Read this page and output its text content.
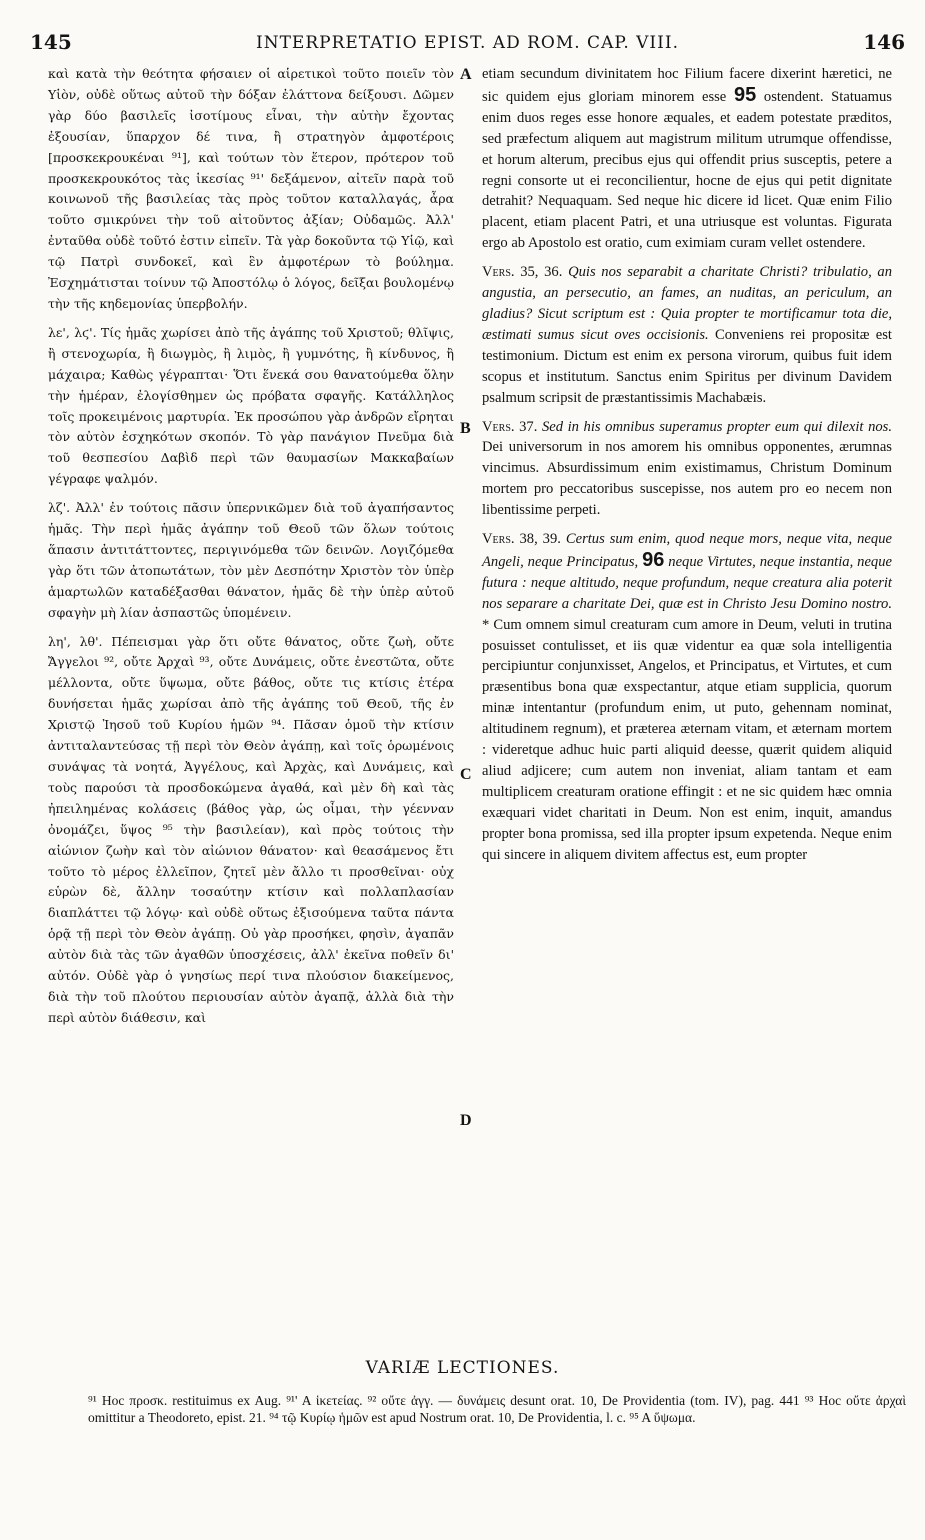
145	INTERPRETATIO EPIST. AD ROM. CAP. VIII.	146

καὶ κατὰ τὴν θεότητα φήσαιεν οἱ αἱρετικοὶ τοῦτο ποιεῖν τὸν Υἱὸν, οὐδὲ οὕτως αὐτοῦ τὴν δόξαν ἐλάττονα δείξουσι. Δῶμεν γὰρ δύο βασιλεῖς ἰσοτίμους εἶναι, τὴν αὐτὴν ἔχοντας ἐξουσίαν, ὕπαρχον δέ τινα, ἢ στρατηγὸν ἀμφοτέροις [προσκεκρουκέναι ⁹¹], καὶ τούτων τὸν ἕτερον, πρότερον τοῦ προσκεκρουκότος τὰς ἱκεσίας ⁹¹' δεξάμενον, αἰτεῖν παρὰ τοῦ κοινωνοῦ τῆς βασιλείας τὰς πρὸς τοῦτον καταλλαγάς, ἆρα τοῦτο σμικρύνει τὴν τοῦ αἰτοῦντος ἀξίαν; Οὐδαμῶς. Ἀλλ' ἐνταῦθα οὐδὲ τοῦτό ἐστιν εἰπεῖν. Τὰ γὰρ δοκοῦντα τῷ Υἱῷ, καὶ τῷ Πατρὶ συνδοκεῖ, καὶ ἓν ἀμφοτέρων τὸ βούλημα. Ἐσχημάτισται τοίνυν τῷ Ἀποστόλῳ ὁ λόγος, δεῖξαι βουλομένῳ τὴν τῆς κηδεμονίας ὑπερβολήν.

λε', λϛ'. Τίς ἡμᾶς χωρίσει ἀπὸ τῆς ἀγάπης τοῦ Χριστοῦ; θλῖψις, ἢ στενοχωρία, ἢ διωγμὸς, ἢ λιμὸς, ἢ γυμνότης, ἢ κίνδυνος, ἢ μάχαιρα; Καθὼς γέγραπται· Ὅτι ἕνεκά σου θανατούμεθα ὅλην τὴν ἡμέραν, ἐλογίσθημεν ὡς πρόβατα σφαγῆς. Κατάλληλος τοῖς προκειμένοις μαρτυρία. Ἐκ προσώπου γὰρ ἀνδρῶν εἴρηται τὸν αὐτὸν ἐσχηκότων σκοπόν. Τὸ γὰρ πανάγιον Πνεῦμα διὰ τοῦ θεσπεσίου Δαβὶδ περὶ τῶν θαυμασίων Μακκαβαίων γέγραφε ψαλμόν.

λζ'. Ἀλλ' ἐν τούτοις πᾶσιν ὑπερνικῶμεν διὰ τοῦ ἀγαπήσαντος ἡμᾶς. Τὴν περὶ ἡμᾶς ἀγάπην τοῦ Θεοῦ τῶν ὅλων τούτοις ἅπασιν ἀντιτάττοντες, περιγινόμεθα τῶν δεινῶν. Λογιζόμεθα γὰρ ὅτι τῶν ἀτοπωτάτων, τὸν μὲν Δεσπότην Χριστὸν τὸν ὑπὲρ ἁμαρτωλῶν καταδέξασθαι θάνατον, ἡμᾶς δὲ τὴν ὑπὲρ αὐτοῦ σφαγὴν μὴ λίαν ἀσπαστῶς ὑπομένειν.

λη', λθ'. Πέπεισμαι γὰρ ὅτι οὔτε θάνατος, οὔτε ζωὴ, οὔτε Ἄγγελοι ⁹², οὔτε Ἀρχαὶ ⁹³, οὔτε Δυνάμεις, οὔτε ἐνεστῶτα, οὔτε μέλλοντα, οὔτε ὕψωμα, οὔτε βάθος, οὔτε τις κτίσις ἑτέρα δυνήσεται ἡμᾶς χωρίσαι ἀπὸ τῆς ἀγάπης τοῦ Θεοῦ, τῆς ἐν Χριστῷ Ἰησοῦ τοῦ Κυρίου ἡμῶν ⁹⁴. Πᾶσαν ὁμοῦ τὴν κτίσιν ἀντιταλαντεύσας τῇ περὶ τὸν Θεὸν ἀγάπῃ, καὶ τοῖς ὁρωμένοις συνάψας τὰ νοητά, Ἀγγέλους, καὶ Ἀρχὰς, καὶ Δυνάμεις, καὶ τοὺς παρούσι τὰ προσδοκώμενα ἀγαθά, καὶ μὲν δὴ καὶ τὰς ἠπειλημένας κολάσεις (βάθος γὰρ, ὡς οἶμαι, τὴν γέενναν ὀνομάζει, ὕψος ⁹⁵ τὴν βασιλείαν), καὶ πρὸς τούτοις τὴν αἰώνιον ζωὴν καὶ τὸν αἰώνιον θάνατον· καὶ θεασάμενος ἔτι τοῦτο τὸ μέρος ἐλλεῖπον, ζητεῖ μὲν ἄλλο τι προσθεῖναι· οὐχ εὑρὼν δὲ, ἄλλην τοσαύτην κτίσιν καὶ πολλαπλασίαν διαπλάττει τῷ λόγῳ· καὶ οὐδὲ οὕτως ἐξισούμενα ταῦτα πάντα ὁρᾷ τῇ περὶ τὸν Θεὸν ἀγάπῃ. Οὐ γὰρ προσήκει, φησὶν, ἀγαπᾶν αὐτὸν διὰ τὰς τῶν ἀγαθῶν ὑποσχέσεις, ἀλλ' ἐκεῖνα ποθεῖν δι' αὐτόν. Οὐδὲ γὰρ ὁ γνησίως περί τινα πλούσιον διακείμενος, διὰ τὴν τοῦ πλούτου περιουσίαν αὐτὸν ἀγαπᾷ, ἀλλὰ διὰ τὴν περὶ αὐτὸν διάθεσιν, καὶ

A
B
C
D

etiam secundum divinitatem hoc Filium facere dixerint hæretici, ne sic quidem ejus gloriam minorem esse 95 ostendent. Statuamus enim duos reges esse honore æquales, et eadem potestate præditos, sed præfectum aliquem aut magistrum militum utrumque offendisse, et horum alterum, precibus ejus qui offendit prius susceptis, petere a regni consorte ut ei reconcilientur, hocne de ejus qui petit dignitate detrahit? Nequaquam. Sed neque hic dicere id licet. Quæ enim Filio placent, etiam placent Patri, et una utriusque est voluntas. Figurata ergo ab Apostolo est oratio, cum eximiam curam vellet ostendere.

Vers. 35, 36. Quis nos separabit a charitate Christi? tribulatio, an angustia, an persecutio, an fames, an nuditas, an periculum, an gladius? Sicut scriptum est : Quia propter te mortificamur tota die, æstimati sumus sicut oves occisionis. Conveniens rei propositæ est testimonium. Dictum est enim ex persona virorum, quibus fuit idem scopus et institutum. Sanctus enim Spiritus per divinum Davidem psalmum scripsit de præstantissimis Machabæis.

Vers. 37. Sed in his omnibus superamus propter eum qui dilexit nos. Dei universorum in nos amorem his omnibus opponentes, ærumnas vincimus. Absurdissimum enim existimamus, Christum Dominum mortem pro peccatoribus suscepisse, nos autem pro eo necem non libentissime perpeti.

Vers. 38, 39. Certus sum enim, quod neque mors, neque vita, neque Angeli, neque Principatus, 96 neque Virtutes, neque instantia, neque futura : neque altitudo, neque profundum, neque creatura alia poterit nos separare a charitate Dei, quæ est in Christo Jesu Domino nostro. * Cum omnem simul creaturam cum amore in Deum, veluti in trutina posuisset contulisset, et iis quæ videntur ea quæ sola intelligentia percipiuntur conjunxisset, Angelos, et Principatus, et Virtutes, et cum præsentibus bona quæ exspectantur, atque etiam supplicia, quorum minæ intentantur (profundum enim, ut puto, gehennam nominat, altitudinem regnum), et præterea æternam vitam, et æternam mortem : videretque adhuc huic parti aliquid deesse, quærit quidem aliquid aliud adjicere; cum autem non inveniat, aliam tantam et eam multiplicem creaturam oratione effingit : et ne sic quidem hæc omnia exæquari videt charitati in Deum. Non est enim, inquit, amandus propter bona promissa, sed illa propter ipsum expetenda. Neque enim qui sincere in aliquem divitem affectus est, eum propter

VARIÆ LECTIONES.

⁹¹ Hoc προσκ. restituimus ex Aug. ⁹¹' A ἱκετείας. ⁹² οὔτε ἀγγ. — δυνάμεις desunt orat. 10, De Providentia (tom. IV), pag. 441 ⁹³ Hoc οὔτε ἀρχαὶ omittitur a Theodoreto, epist. 21. ⁹⁴ τῷ Κυρίῳ ἡμῶν est apud Nostrum orat. 10, De Providentia, l. c. ⁹⁵ A ὕψωμα.
